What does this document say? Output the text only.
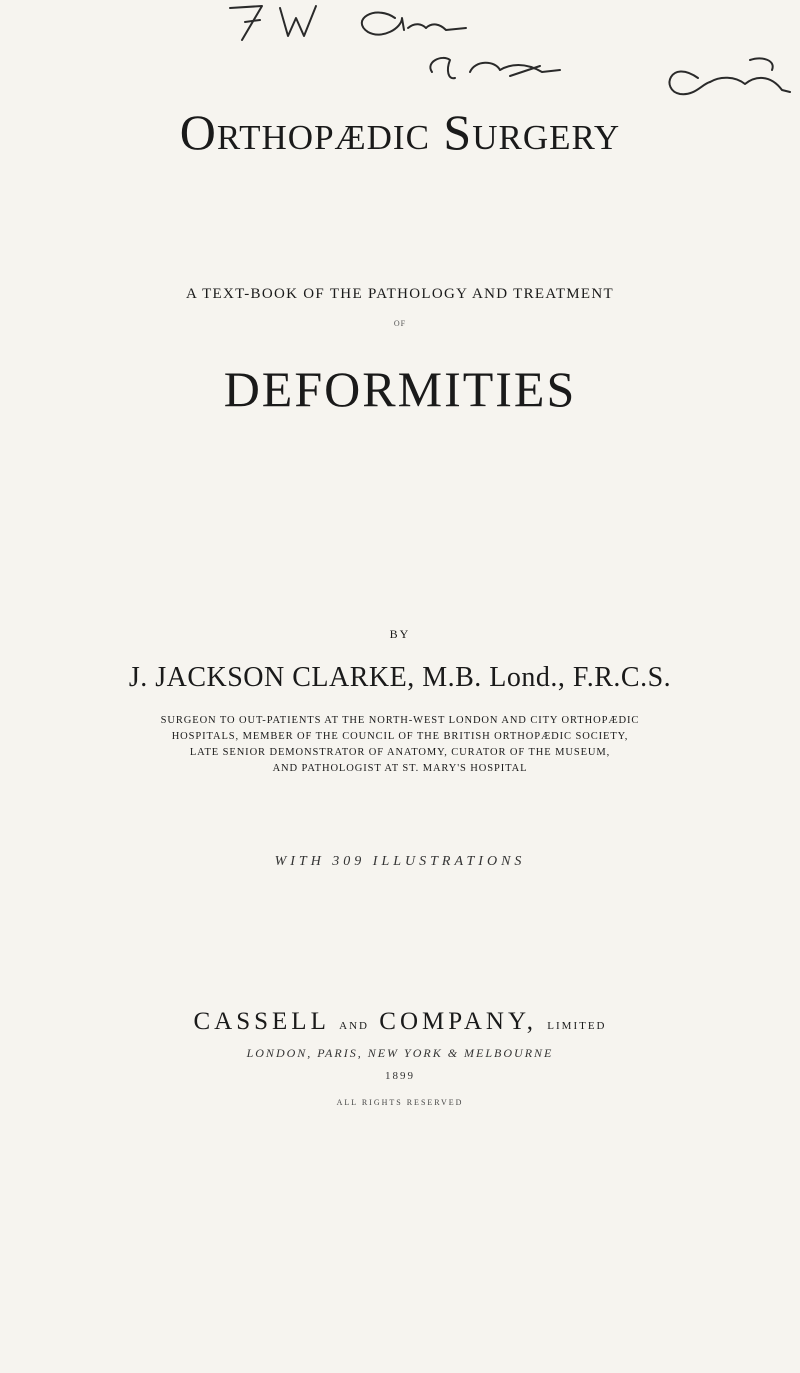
Orthopædic Surgery
A TEXT-BOOK OF THE PATHOLOGY AND TREATMENT
OF
DEFORMITIES
BY
J. JACKSON CLARKE, M.B. Lond., F.R.C.S.
SURGEON TO OUT-PATIENTS AT THE NORTH-WEST LONDON AND CITY ORTHOPÆDIC
HOSPITALS, MEMBER OF THE COUNCIL OF THE BRITISH ORTHOPÆDIC SOCIETY,
LATE SENIOR DEMONSTRATOR OF ANATOMY, CURATOR OF THE MUSEUM,
AND PATHOLOGIST AT ST. MARY'S HOSPITAL
WITH 309 ILLUSTRATIONS
CASSELL AND COMPANY, LIMITED
LONDON, PARIS, NEW YORK & MELBOURNE
1899
ALL RIGHTS RESERVED
